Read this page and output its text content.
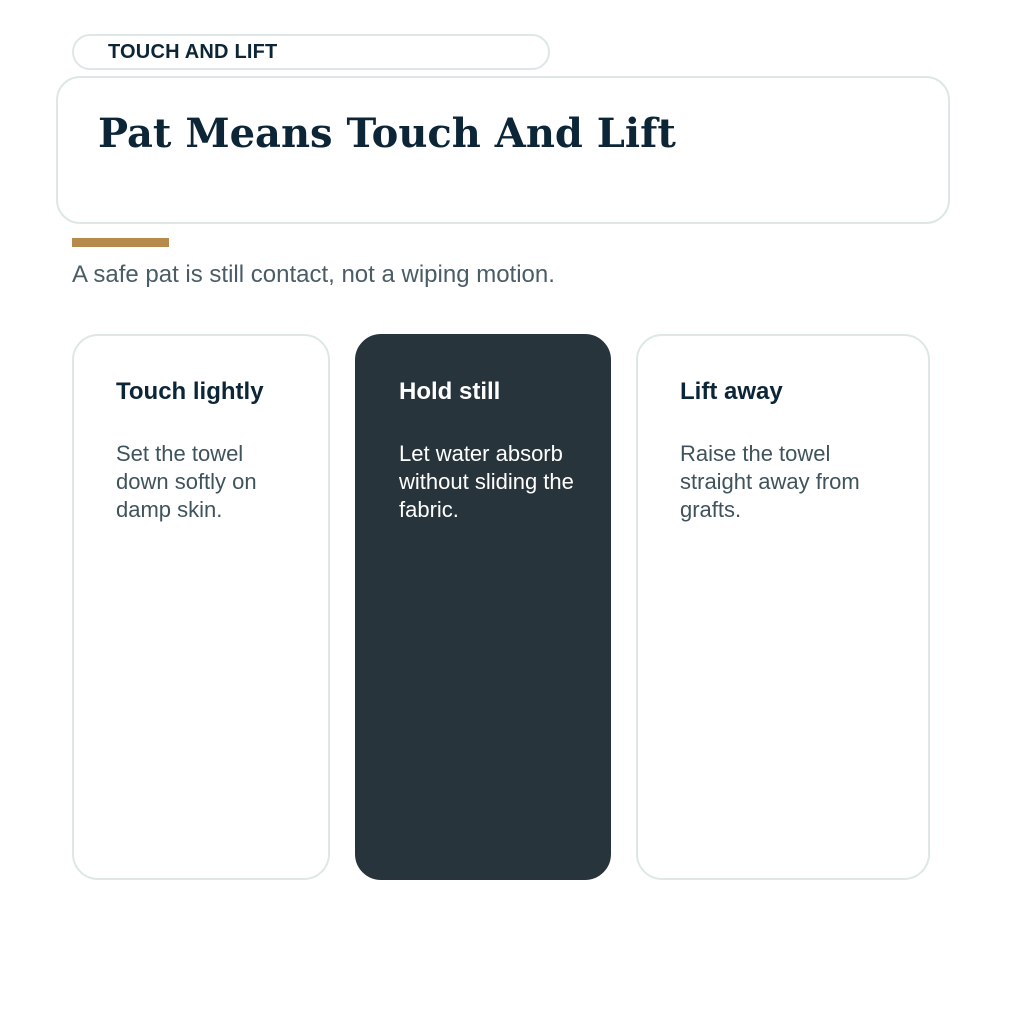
TOUCH AND LIFT
Pat Means Touch And Lift

A safe pat is still contact, not a wiping motion.

Touch lightly

Set the towel down softly on damp skin.

Hold still

Let water absorb without sliding the fabric.

Lift away

Raise the towel straight away from grafts.
